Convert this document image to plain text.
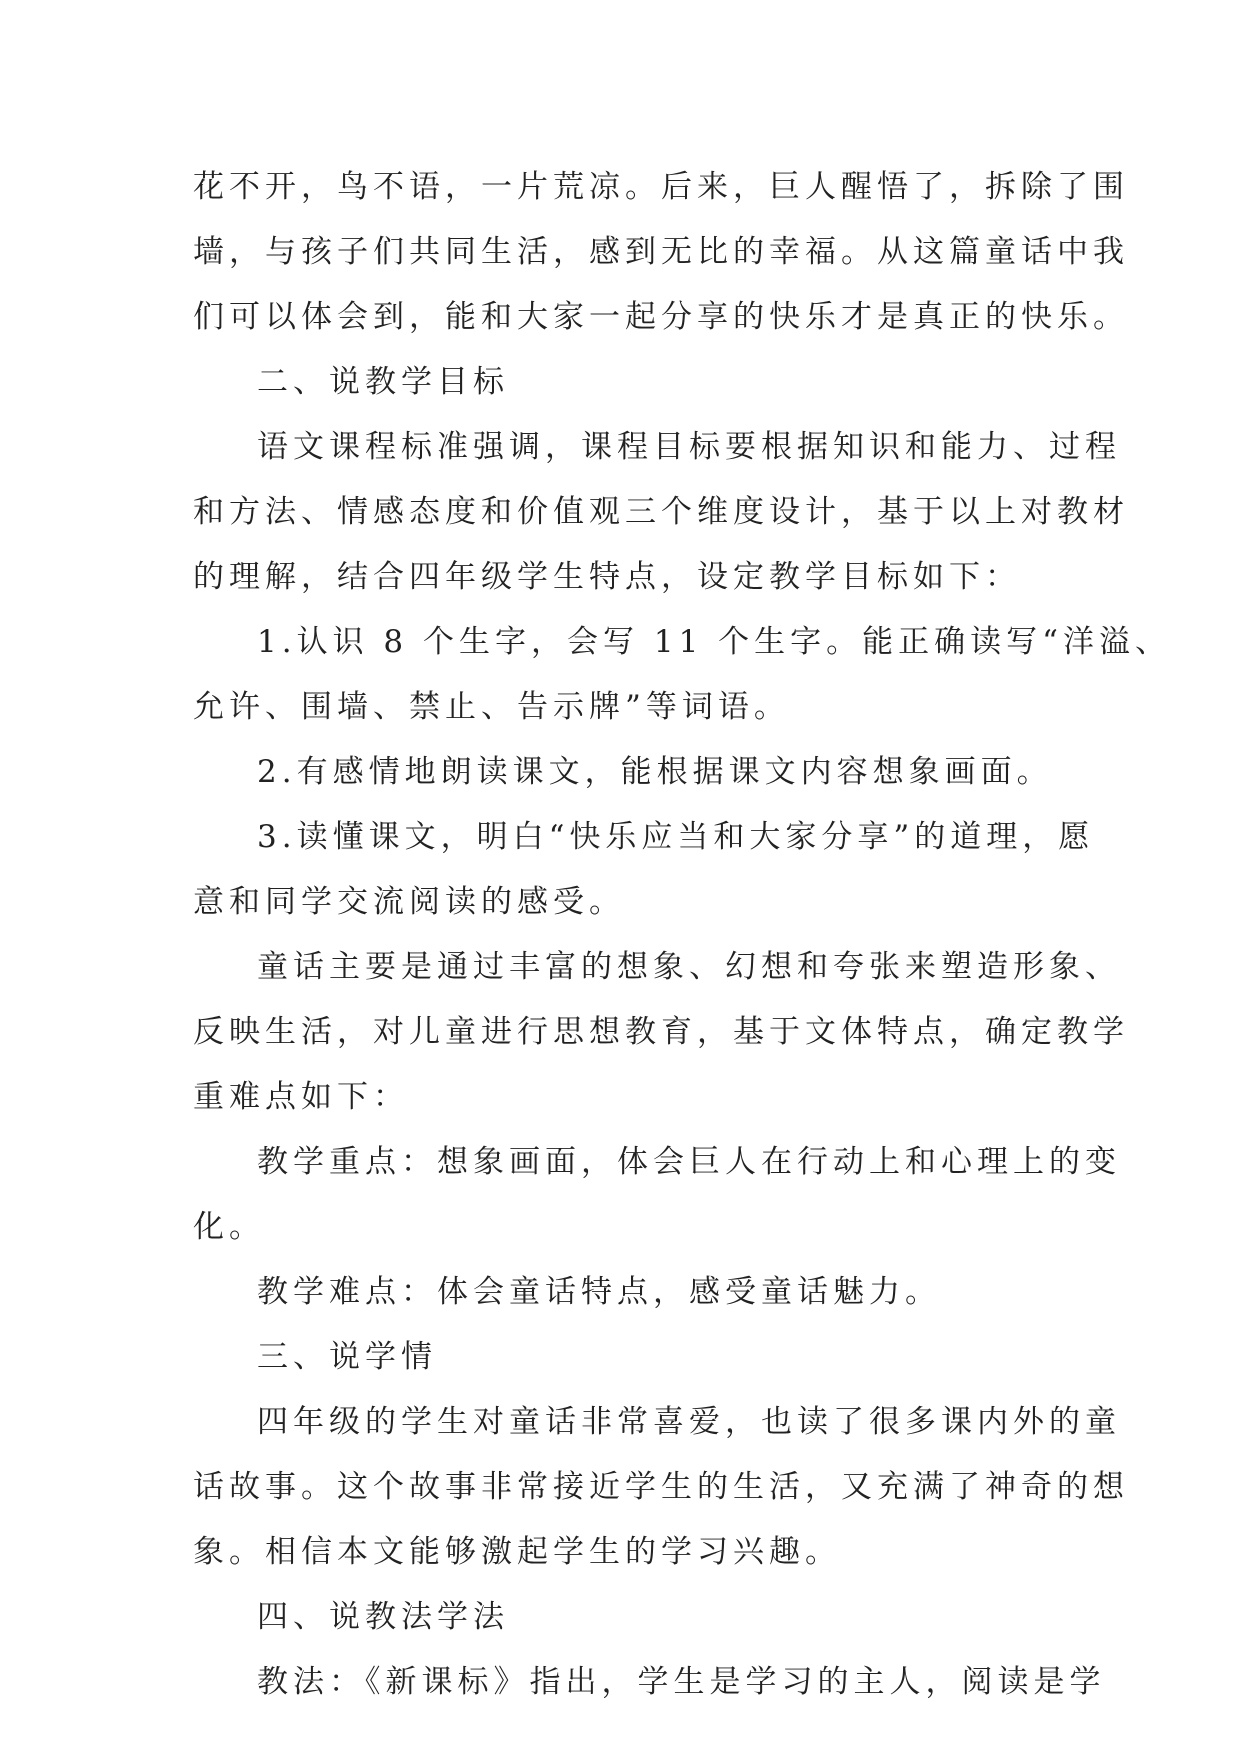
花不开，鸟不语，一片荒凉。后来，巨人醒悟了，拆除了围
墙，与孩子们共同生活，感到无比的幸福。从这篇童话中我
们可以体会到，能和大家一起分享的快乐才是真正的快乐。
二、说教学目标
语文课程标准强调，课程目标要根据知识和能力、过程
和方法、情感态度和价值观三个维度设计，基于以上对教材
的理解，结合四年级学生特点，设定教学目标如下：
1.认识 8 个生字，会写 11 个生字。能正确读写“洋溢、
允许、围墙、禁止、告示牌”等词语。
2.有感情地朗读课文，能根据课文内容想象画面。
3.读懂课文，明白“快乐应当和大家分享”的道理，愿
意和同学交流阅读的感受。
童话主要是通过丰富的想象、幻想和夸张来塑造形象、
反映生活，对儿童进行思想教育，基于文体特点，确定教学
重难点如下：
教学重点：想象画面，体会巨人在行动上和心理上的变
化。
教学难点：体会童话特点，感受童话魅力。
三、说学情
四年级的学生对童话非常喜爱，也读了很多课内外的童
话故事。这个故事非常接近学生的生活，又充满了神奇的想
象。相信本文能够激起学生的学习兴趣。
四、说教法学法
教法：《新课标》指出，学生是学习的主人，阅读是学
